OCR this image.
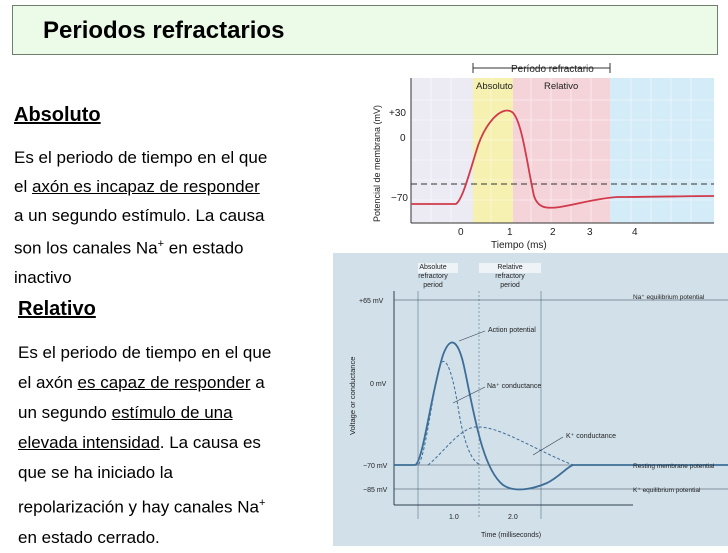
Periodos refractarios
Absoluto
Es el periodo de tiempo en el que
el axón es incapaz de responder
a un segundo estímulo. La causa
son los canales Na+ en estado
inactivo
Relativo
Es el periodo de tiempo en el que
el axón es capaz de responder a
un segundo estímulo de una
elevada intensidad. La causa es
que se ha iniciado la
repolarización y hay canales Na+
en estado cerrado.
Período refractario
Absoluto	Relativo
Potencial de membrana (mV) +30
0
−70
0	1	2	3	4
Tiempo (ms)
Absolute refractory period
Relative refractory period
+65 mV
0 mV
−70 mV
−85 mV
Voltage or conductance
Action potential
Na⁺ conductance
K⁺ conductance
Na⁺ equilibrium potential
Resting membrane potential
K⁺ equilibrium potential
1.0	2.0
Time (milliseconds)
